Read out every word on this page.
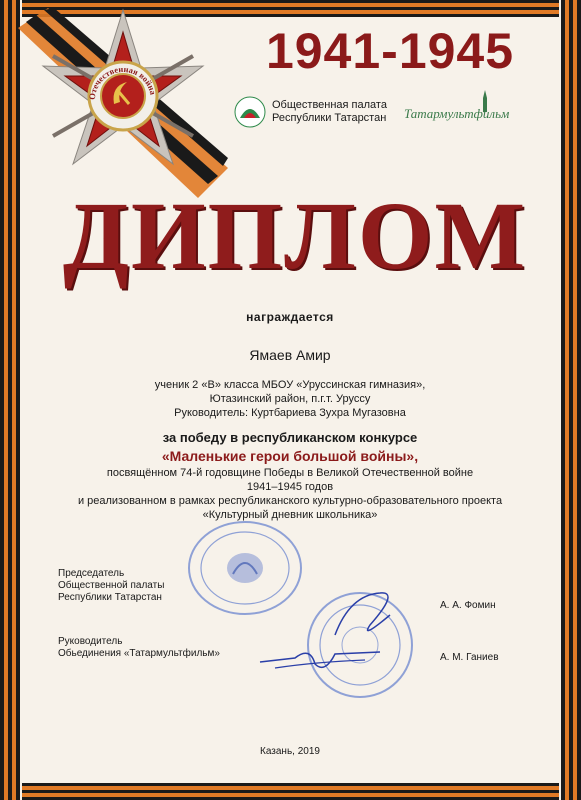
Отечественная война
1941-1945
Общественная палата
Республики Татарстан Татармультфильм
ДИПЛОМ
награждается
Ямаев Амир
ученик 2 «В» класса МБОУ «Уруссинская гимназия»,
Ютазинский район, п.г.т. Уруссу
Руководитель: Куртбариева Зухра Мугазовна
за победу в республиканском конкурсе
«Маленькие герои большой войны»,
посвящённом 74-й годовщине Победы в Великой Отечественной войне
1941–1945 годов
и реализованном в рамках республиканского культурно-образовательного проекта
«Культурный дневник школьника»
Председатель
Общественной палаты
Республики Татарстан
А. А. Фомин
Руководитель
Обьединения «Татармультфильм»	А. М. Ганиев
Казань, 2019
